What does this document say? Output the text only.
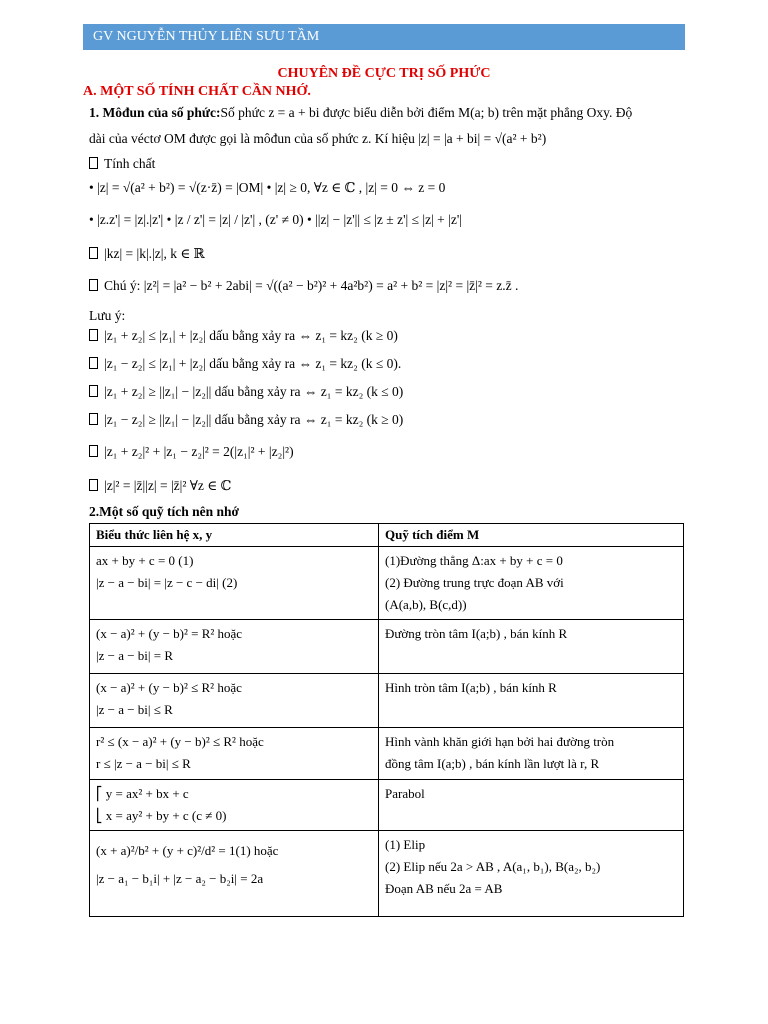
GV NGUYỄN THỦY LIÊN SƯU TẦM
CHUYÊN ĐỀ CỰC TRỊ SỐ PHỨC
A. MỘT SỐ TÍNH CHẤT CẦN NHỚ.
1. Môđun của số phức:Số phức z = a + bi được biểu diễn bởi điểm M(a; b) trên mặt phẳng Oxy. Độ
dài của véctơ OM được gọi là môđun của số phức z. Kí hiệu |z| = |a + bi| = √(a² + b²)
Tính chất
• |z| = √(a² + b²) = √(z·z̄) = |OM| • |z| ≥ 0, ∀z ∈ ℂ , |z| = 0 ⇔ z = 0
• |z.z'| = |z|.|z'| • |z / z'| = |z| / |z'| , (z' ≠ 0) • ||z| − |z'|| ≤ |z ± z'| ≤ |z| + |z'|
|kz| = |k|.|z|, k ∈ ℝ
Chú ý: |z²| = |a² − b² + 2abi| = √((a² − b²)² + 4a²b²) = a² + b² = |z|² = |z̄|² = z.z̄ .
Lưu ý:
|z₁ + z₂| ≤ |z₁| + |z₂| dấu bằng xảy ra ⇔ z₁ = kz₂ (k ≥ 0)
|z₁ − z₂| ≤ |z₁| + |z₂| dấu bằng xảy ra ⇔ z₁ = kz₂ (k ≤ 0).
|z₁ + z₂| ≥ ||z₁| − |z₂|| dấu bằng xảy ra ⇔ z₁ = kz₂ (k ≤ 0)
|z₁ − z₂| ≥ ||z₁| − |z₂|| dấu bằng xảy ra ⇔ z₁ = kz₂ (k ≥ 0)
|z₁ + z₂|² + |z₁ − z₂|² = 2(|z₁|² + |z₂|²)
|z|² = |z̄||z| = |z̄|² ∀z ∈ ℂ
2.Một số quỹ tích nên nhớ
Biểu thức liên hệ x, y	Quỹ tích điểm M

ax + by + c = 0 (1)
|z − a − bi| = |z − c − di| (2)	(1)Đường thẳng Δ:ax + by + c = 0
(2) Đường trung trực đoạn AB với
(A(a,b), B(c,d))

(x − a)² + (y − b)² = R² hoặc
|z − a − bi| = R	Đường tròn tâm I(a;b) , bán kính R

(x − a)² + (y − b)² ≤ R² hoặc
|z − a − bi| ≤ R	Hình tròn tâm I(a;b) , bán kính R

r² ≤ (x − a)² + (y − b)² ≤ R² hoặc
r ≤ |z − a − bi| ≤ R	Hình vành khăn giới hạn bởi hai đường tròn
đồng tâm I(a;b) , bán kính lần lượt là r, R

⎡ y = ax² + bx + c
⎣ x = ay² + by + c (c ≠ 0)	Parabol

(x + a)²/b² + (y + c)²/d² = 1(1) hoặc
|z − a₁ − b₁i| + |z − a₂ − b₂i| = 2a	(1) Elip
(2) Elip nếu 2a > AB , A(a₁, b₁), B(a₂, b₂)
Đoạn AB nếu 2a = AB
